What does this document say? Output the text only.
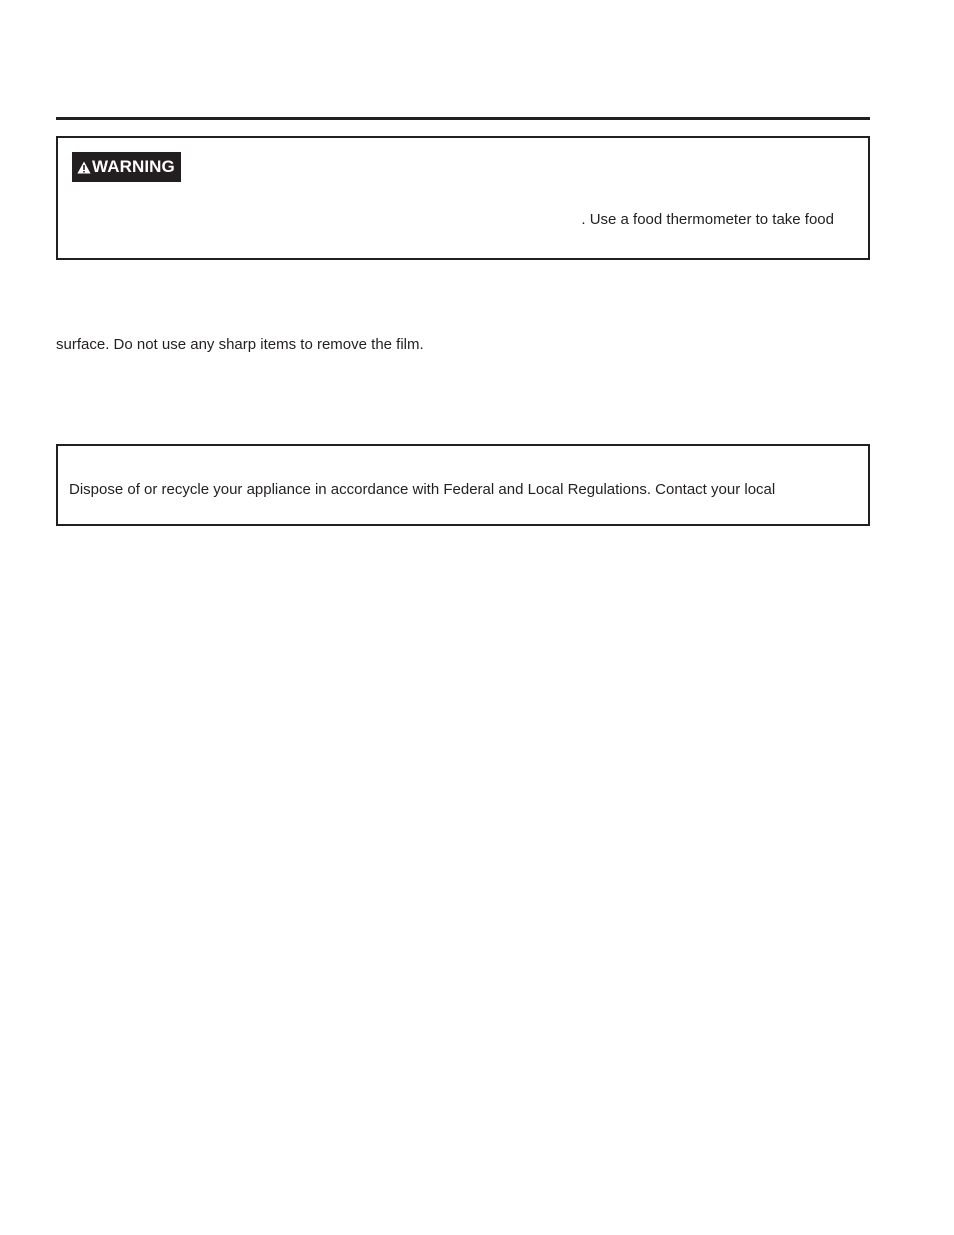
WARNING
. Use a food thermometer to take food
surface. Do not use any sharp items to remove the film.
Dispose of or recycle your appliance in accordance with Federal and Local Regulations. Contact your local
